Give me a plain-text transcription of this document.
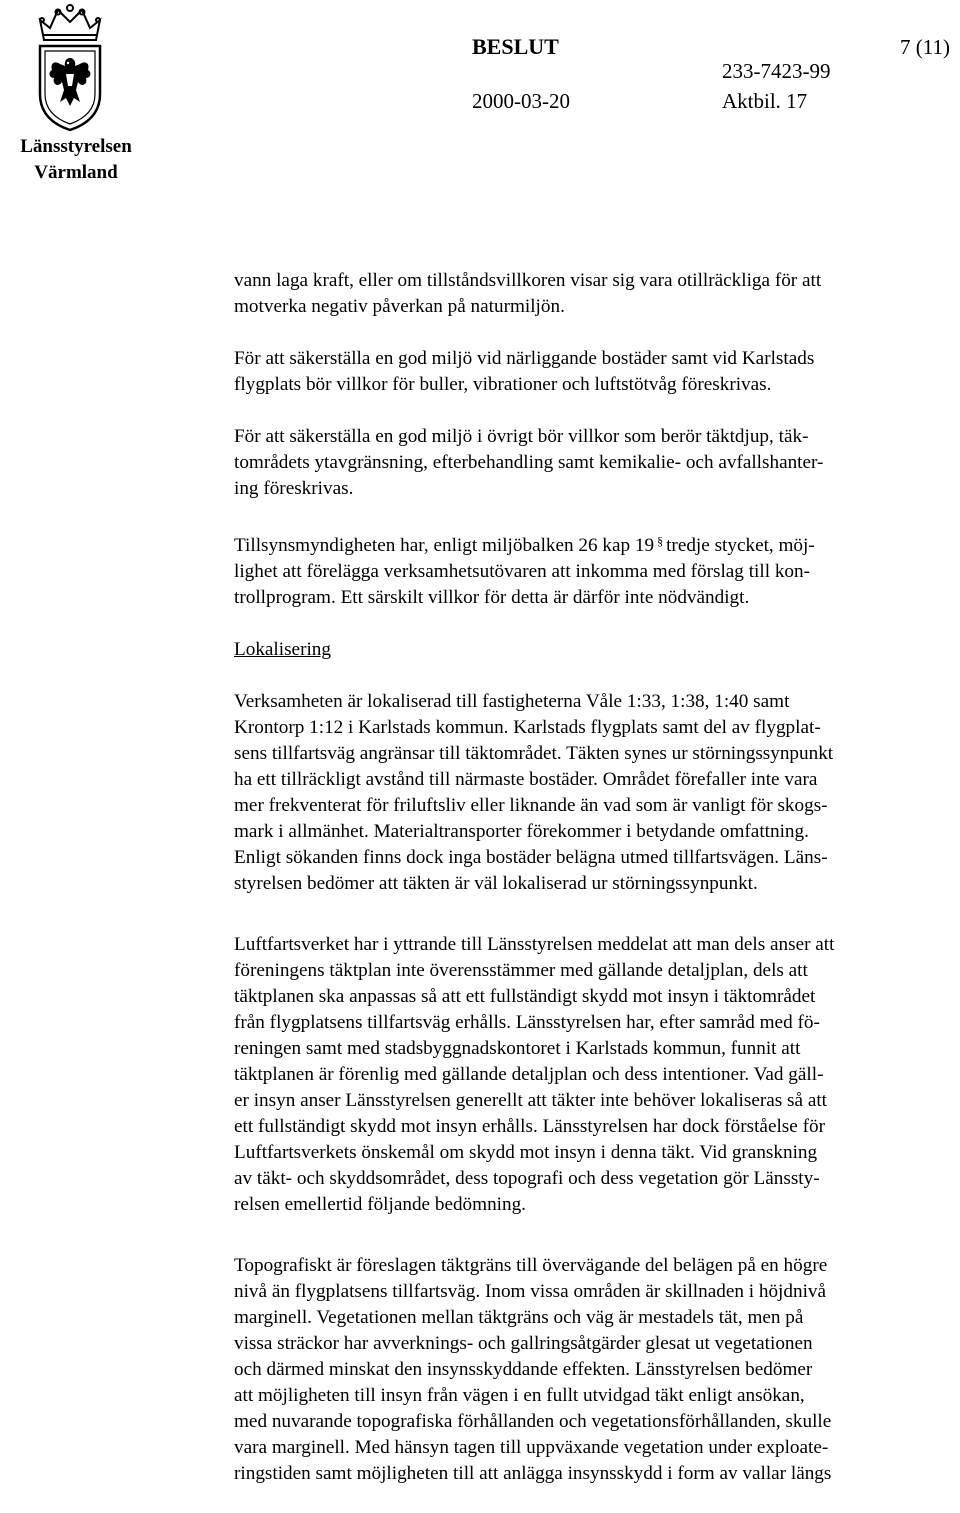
Länsstyrelsen
Värmland
BESLUT	7 (11)
233-7423-99
2000-03-20	Aktbil. 17

vann laga kraft, eller om tillståndsvillkoren visar sig vara otillräckliga för att
motverka negativ påverkan på naturmiljön.

För att säkerställa en god miljö vid närliggande bostäder samt vid Karlstads
flygplats bör villkor för buller, vibrationer och luftstötvåg föreskrivas.

För att säkerställa en god miljö i övrigt bör villkor som berör täktdjup, täk-
tområdets ytavgränsning, efterbehandling samt kemikalie- och avfallshanter-
ing föreskrivas.

Tillsynsmyndigheten har, enligt miljöbalken 26 kap 19 § tredje stycket, möj-
lighet att förelägga verksamhetsutövaren att inkomma med förslag till kon-
trollprogram. Ett särskilt villkor för detta är därför inte nödvändigt.

Lokalisering

Verksamheten är lokaliserad till fastigheterna Våle 1:33, 1:38, 1:40 samt
Krontorp 1:12 i Karlstads kommun. Karlstads flygplats samt del av flygplat-
sens tillfartsväg angränsar till täktområdet. Täkten synes ur störningssynpunkt
ha ett tillräckligt avstånd till närmaste bostäder. Området förefaller inte vara
mer frekventerat för friluftsliv eller liknande än vad som är vanligt för skogs-
mark i allmänhet. Materialtransporter förekommer i betydande omfattning.
Enligt sökanden finns dock inga bostäder belägna utmed tillfartsvägen. Läns-
styrelsen bedömer att täkten är väl lokaliserad ur störningssynpunkt.

Luftfartsverket har i yttrande till Länsstyrelsen meddelat att man dels anser att
föreningens täktplan inte överensstämmer med gällande detaljplan, dels att
täktplanen ska anpassas så att ett fullständigt skydd mot insyn i täktområdet
från flygplatsens tillfartsväg erhålls. Länsstyrelsen har, efter samråd med fö-
reningen samt med stadsbyggnadskontoret i Karlstads kommun, funnit att
täktplanen är förenlig med gällande detaljplan och dess intentioner. Vad gäll-
er insyn anser Länsstyrelsen generellt att täkter inte behöver lokaliseras så att
ett fullständigt skydd mot insyn erhålls. Länsstyrelsen har dock förståelse för
Luftfartsverkets önskemål om skydd mot insyn i denna täkt. Vid granskning
av täkt- och skyddsområdet, dess topografi och dess vegetation gör Länssty-
relsen emellertid följande bedömning.

Topografiskt är föreslagen täktgräns till övervägande del belägen på en högre
nivå än flygplatsens tillfartsväg. Inom vissa områden är skillnaden i höjdnivå
marginell. Vegetationen mellan täktgräns och väg är mestadels tät, men på
vissa sträckor har avverknings- och gallringsåtgärder glesat ut vegetationen
och därmed minskat den insynsskyddande effekten. Länsstyrelsen bedömer
att möjligheten till insyn från vägen i en fullt utvidgad täkt enligt ansökan,
med nuvarande topografiska förhållanden och vegetationsförhållanden, skulle
vara marginell. Med hänsyn tagen till uppväxande vegetation under exploate-
ringstiden samt möjligheten till att anlägga insynsskydd i form av vallar längs
